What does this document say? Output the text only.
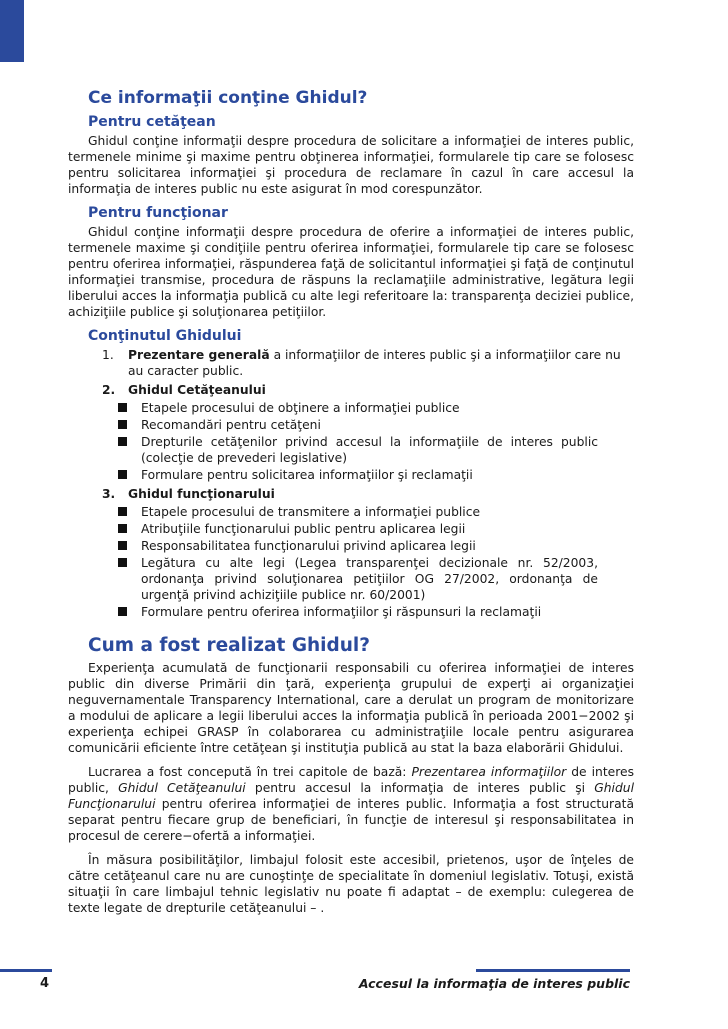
Ce informaţii conţine Ghidul?
Pentru cetăţean

Ghidul conţine informaţii despre procedura de solicitare a informaţiei de interes public, termenele minime şi maxime pentru obţinerea informaţiei, formularele tip care se folosesc pentru solicitarea informaţiei şi procedura de reclamare în cazul în care accesul la informaţia de interes public nu este asigurat în mod corespunzător.

Pentru funcţionar

Ghidul conţine informaţii despre procedura de oferire a informaţiei de interes public, termenele maxime şi condiţiile pentru oferirea informaţiei, formularele tip care se folosesc pentru oferirea informaţiei, răspunderea faţă de solicitantul informaţiei şi faţă de conţinutul informaţiei transmise, procedura de răspuns la reclamaţiile administrative, legătura legii liberului acces la informaţia publică cu alte legi referitoare la: transparenţa deciziei publice, achiziţiile publice şi soluţionarea petiţiilor.

Conţinutul Ghidului
1.	Prezentare generală a informaţiilor de interes public şi a informaţiilor care nu au caracter public.
2.	Ghidul Cetăţeanului
Etapele procesului de obţinere a informaţiei publice
Recomandări pentru cetăţeni
Drepturile cetăţenilor privind accesul la informaţiile de interes public (colecţie de prevederi legislative)
Formulare pentru solicitarea informaţiilor şi reclamaţii
3.	Ghidul funcţionarului
Etapele procesului de transmitere a informaţiei publice
Atribuţiile funcţionarului public pentru aplicarea legii
Responsabilitatea funcţionarului privind aplicarea legii
Legătura cu alte legi (Legea transparenţei decizionale nr. 52/2003, ordonanţa privind soluţionarea petiţiilor OG 27/2002, ordonanţa de urgenţă privind achiziţiile publice nr. 60/2001)
Formulare pentru oferirea informaţiilor şi răspunsuri la reclamaţii
Cum a fost realizat Ghidul?

Experienţa acumulată de funcţionarii responsabili cu oferirea informaţiei de interes public din diverse Primării din ţară, experienţa grupului de experţi ai organizaţiei neguvernamentale Transparency International, care a derulat un program de monitorizare a modului de aplicare a legii liberului acces la informaţia publică în perioada 2001−2002 şi experienţa echipei GRASP în colaborarea cu administraţiile locale pentru asigurarea comunicării eficiente între cetăţean şi instituţia publică au stat la baza elaborării Ghidului.

Lucrarea a fost concepută în trei capitole de bază: Prezentarea informaţiilor de interes public, Ghidul Cetăţeanului pentru accesul la informaţia de interes public şi Ghidul Funcţionarului pentru oferirea informaţiei de interes public. Informaţia a fost structurată separat pentru fiecare grup de beneficiari, în funcţie de interesul şi responsabilitatea in procesul de cerere−ofertă a informaţiei.

În măsura posibilităţilor, limbajul folosit este accesibil, prietenos, uşor de înţeles de către cetăţeanul care nu are cunoştinţe de specialitate în domeniul legislativ. Totuşi, există situaţii în care limbajul tehnic legislativ nu poate fi adaptat – de exemplu: culegerea de texte legate de drepturile cetăţeanului – .

4	Accesul la informaţia de interes public
